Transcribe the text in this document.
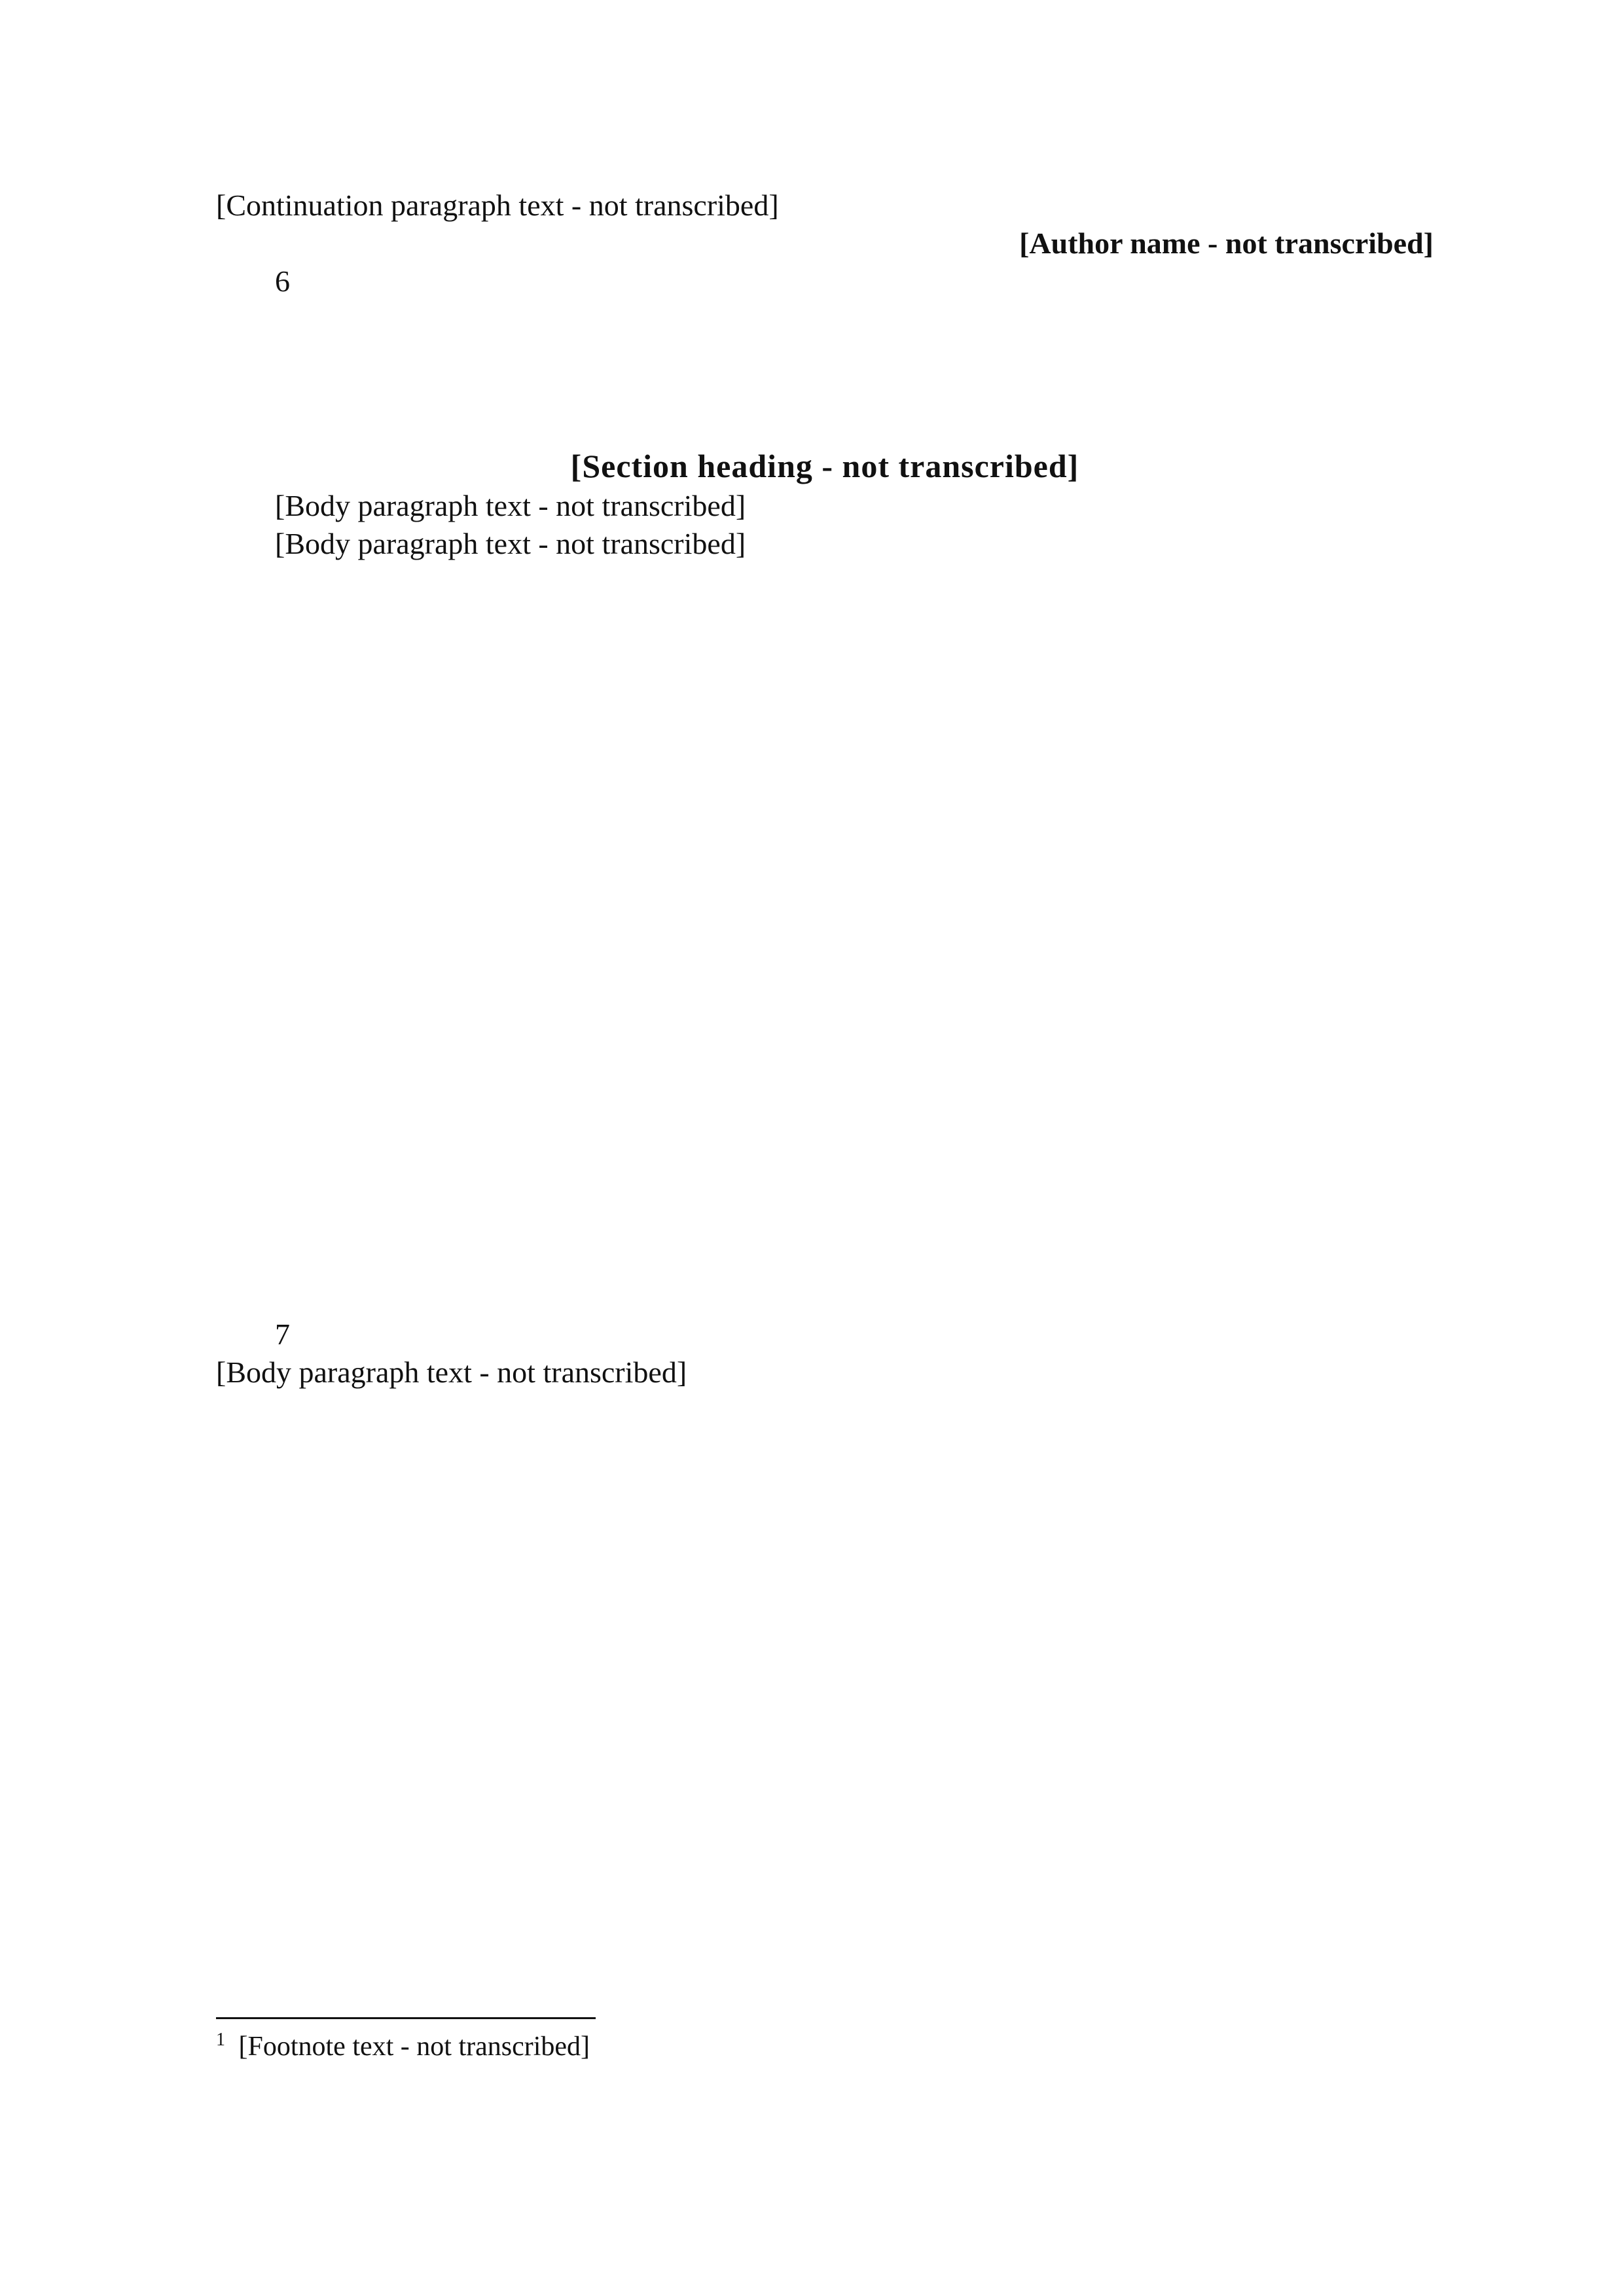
[Continuation paragraph text - not transcribed]

[Author name - not transcribed]
6
[Section heading - not transcribed]

[Body paragraph text - not transcribed]

[Body paragraph text - not transcribed]

7

[Body paragraph text - not transcribed]

$^1$ [Footnote text - not transcribed]
